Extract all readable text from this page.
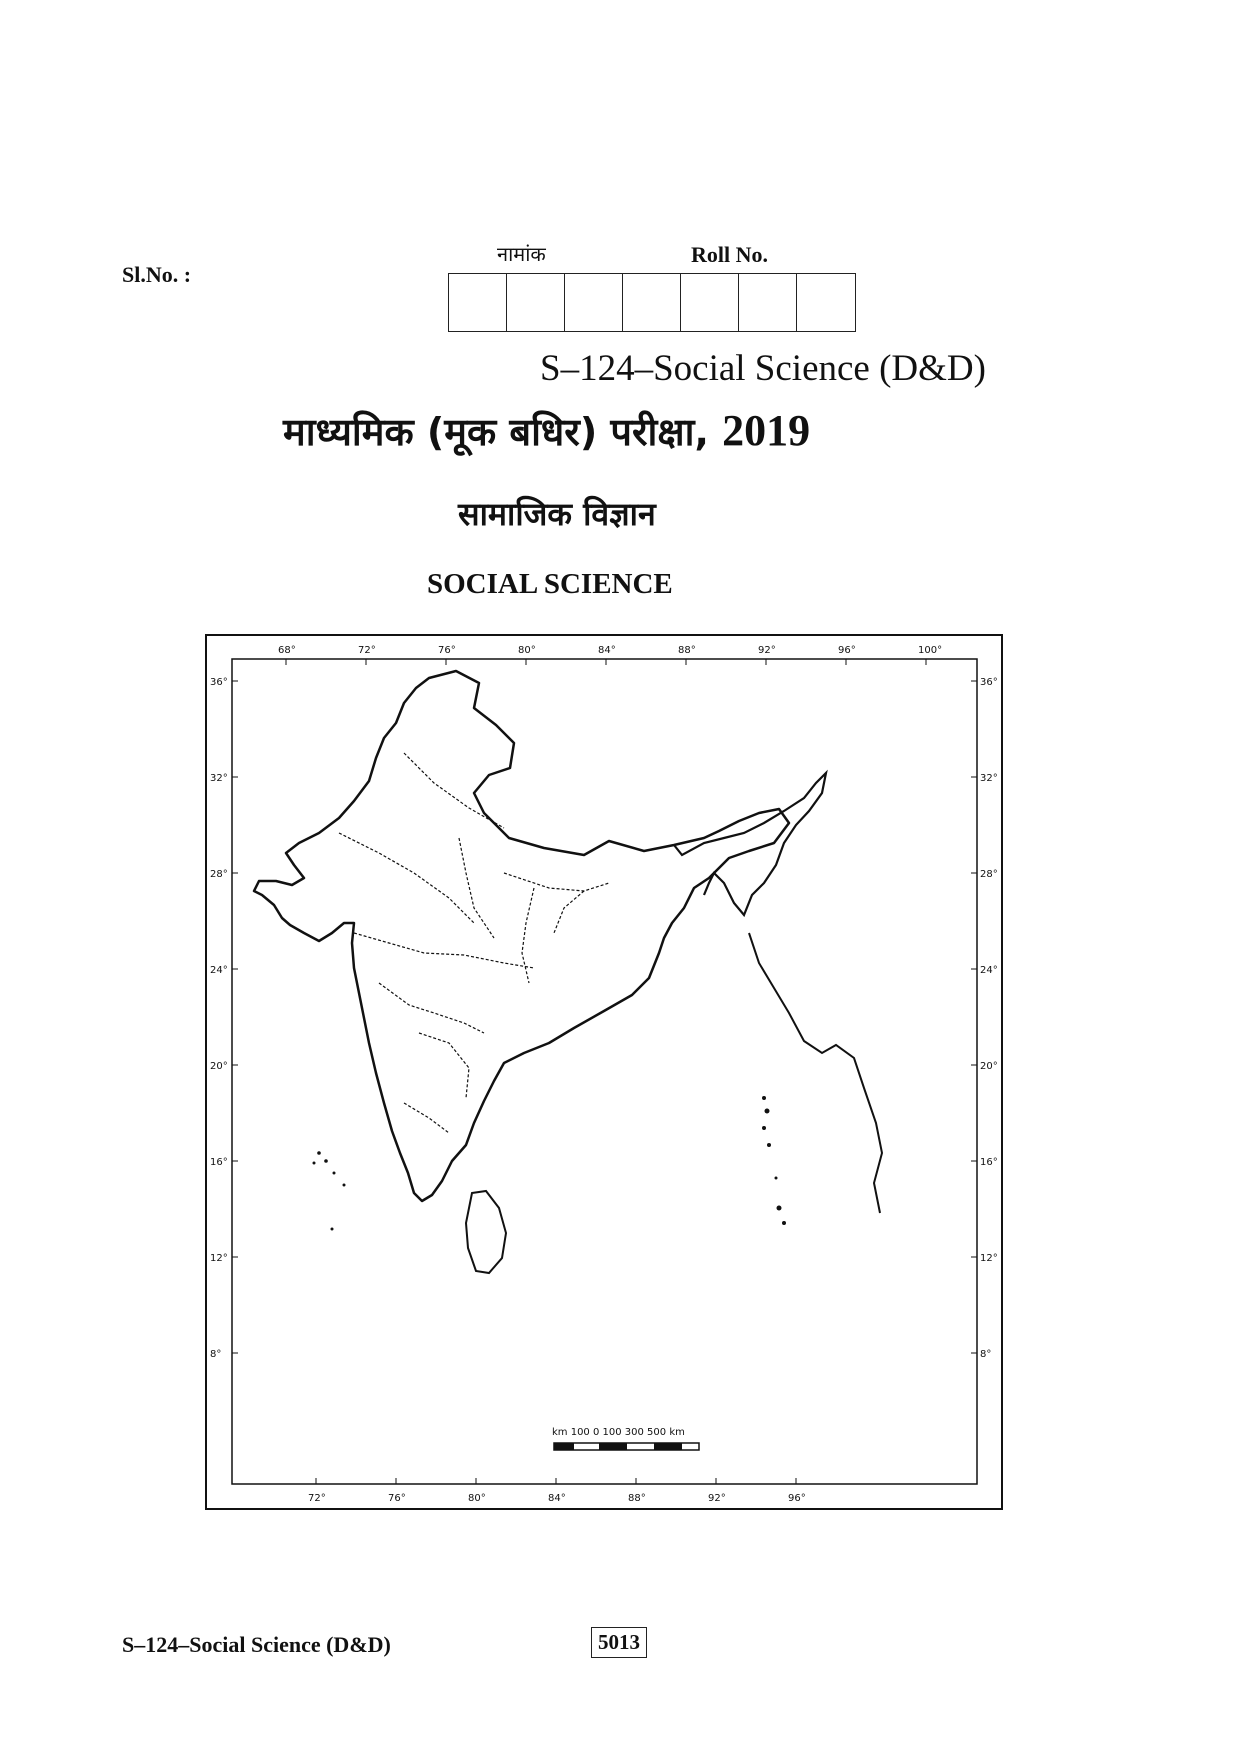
Sl.No. :
नामांक	Roll No.
S–124–Social Science (D&D)
माध्यमिक (मूक बधिर) परीक्षा, 2019
सामाजिक विज्ञान
SOCIAL SCIENCE
68°	72°	76°	80°	84°	88°	92°	96°	100°
72°	76°	80°	84°	88°	92°	96°
36°
32°
28°
24°
20°
16°
12°
8°
36°
32°
28°
24°
20°
16°
12°
8°
km 100 0 100 300 500 km
S–124–Social Science (D&D)	5013
